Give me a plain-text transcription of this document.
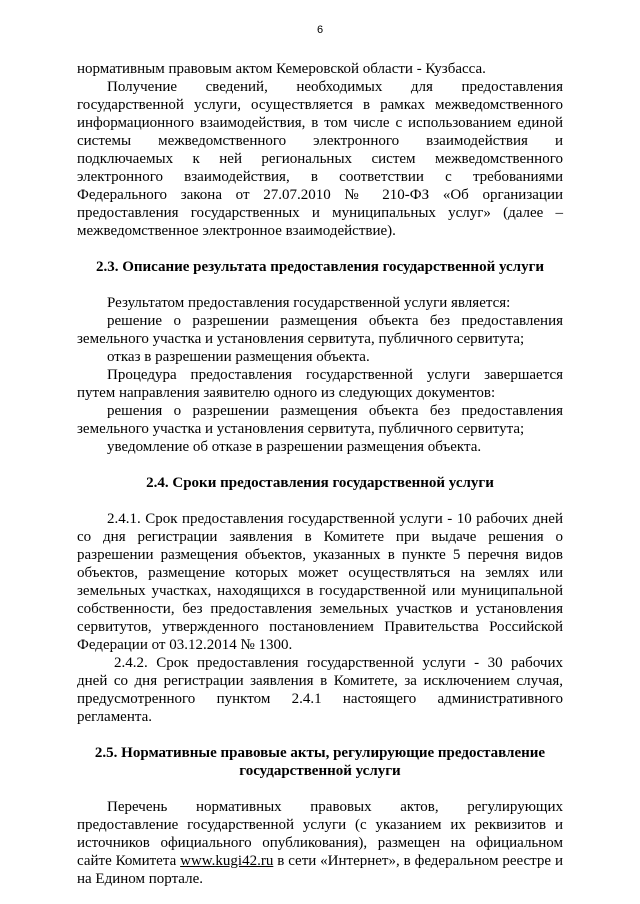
6

нормативным правовым актом Кемеровской области - Кузбасса.

Получение сведений, необходимых для предоставления государственной услуги, осуществляется в рамках межведомственного информационного взаимодействия, в том числе с использованием единой системы межведомственного электронного взаимодействия и подключаемых к ней региональных систем межведомственного электронного взаимодействия, в соответствии с требованиями Федерального закона от 27.07.2010 № 210-ФЗ «Об организации предоставления государственных и муниципальных услуг» (далее – межведомственное электронное взаимодействие).

2.3. Описание результата предоставления государственной услуги

Результатом предоставления государственной услуги является:

решение о разрешении размещения объекта без предоставления земельного участка и установления сервитута, публичного сервитута;

отказ в разрешении размещения объекта.

Процедура предоставления государственной услуги завершается путем направления заявителю одного из следующих документов:

решения о разрешении размещения объекта без предоставления земельного участка и установления сервитута, публичного сервитута;

уведомление об отказе в разрешении размещения объекта.

2.4. Сроки предоставления государственной услуги

2.4.1. Срок предоставления государственной услуги - 10 рабочих дней со дня регистрации заявления в Комитете при выдаче решения о разрешении размещения объектов, указанных в пункте 5 перечня видов объектов, размещение которых может осуществляться на землях или земельных участках, находящихся в государственной или муниципальной собственности, без предоставления земельных участков и установления сервитутов, утвержденного постановлением Правительства Российской Федерации от 03.12.2014 № 1300.

2.4.2. Срок предоставления государственной услуги - 30 рабочих дней со дня регистрации заявления в Комитете, за исключением случая, предусмотренного пунктом 2.4.1 настоящего административного регламента.

2.5. Нормативные правовые акты, регулирующие предоставление
государственной услуги

Перечень нормативных правовых актов, регулирующих предоставление государственной услуги (с указанием их реквизитов и источников официального опубликования), размещен на официальном сайте Комитета www.kugi42.ru в сети «Интернет», в федеральном реестре и на Едином портале.
